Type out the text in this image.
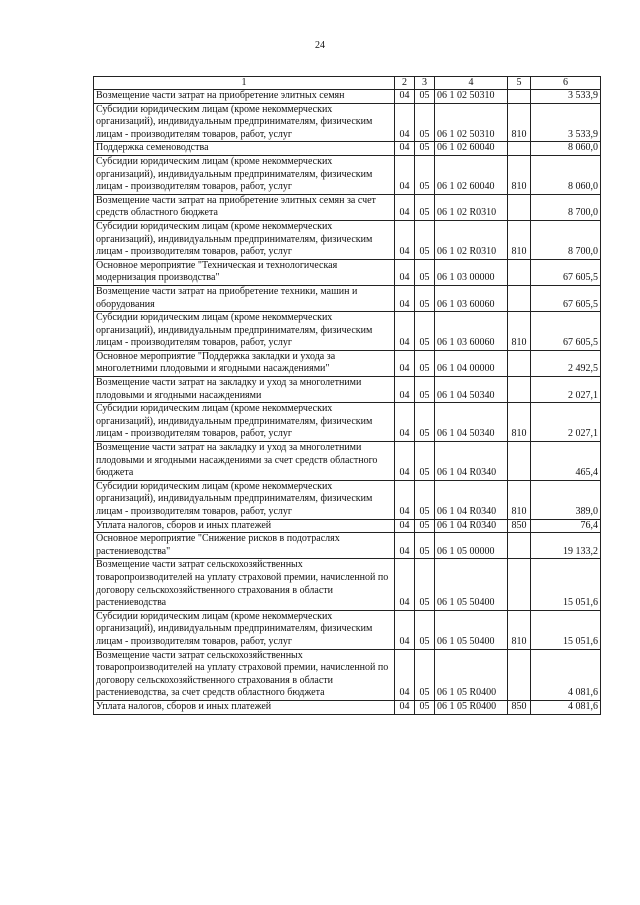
24
1	2	3	4	5	6
Возмещение части затрат на приобретение элитных семян	04	05	06 1 02 50310		3 533,9
Субсидии юридическим лицам (кроме некоммерческих организаций), индивидуальным предпринимателям, физическим лицам - производителям товаров, работ, услуг	04	05	06 1 02 50310	810	3 533,9
Поддержка семеноводства	04	05	06 1 02 60040		8 060,0
Субсидии юридическим лицам (кроме некоммерческих организаций), индивидуальным предпринимателям, физическим лицам - производителям товаров, работ, услуг	04	05	06 1 02 60040	810	8 060,0
Возмещение части затрат на приобретение элитных семян за счет средств областного бюджета	04	05	06 1 02 R0310		8 700,0
Субсидии юридическим лицам (кроме некоммерческих организаций), индивидуальным предпринимателям, физическим лицам - производителям товаров, работ, услуг	04	05	06 1 02 R0310	810	8 700,0
Основное мероприятие "Техническая и технологическая модернизация производства"	04	05	06 1 03 00000		67 605,5
Возмещение части затрат на приобретение техники, машин и оборудования	04	05	06 1 03 60060		67 605,5
Субсидии юридическим лицам (кроме некоммерческих организаций), индивидуальным предпринимателям, физическим лицам - производителям товаров, работ, услуг	04	05	06 1 03 60060	810	67 605,5
Основное мероприятие "Поддержка закладки и ухода за многолетними плодовыми и ягодными насаждениями"	04	05	06 1 04 00000		2 492,5
Возмещение части затрат на закладку и уход за многолетними плодовыми и ягодными насаждениями	04	05	06 1 04 50340		2 027,1
Субсидии юридическим лицам (кроме некоммерческих организаций), индивидуальным предпринимателям, физическим лицам - производителям товаров, работ, услуг	04	05	06 1 04 50340	810	2 027,1
Возмещение части затрат на закладку и уход за многолетними плодовыми и ягодными насаждениями за счет средств областного бюджета	04	05	06 1 04 R0340		465,4
Субсидии юридическим лицам (кроме некоммерческих организаций), индивидуальным предпринимателям, физическим лицам - производителям товаров, работ, услуг	04	05	06 1 04 R0340	810	389,0
Уплата налогов, сборов и иных платежей	04	05	06 1 04 R0340	850	76,4
Основное мероприятие "Снижение рисков в подотраслях растениеводства"	04	05	06 1 05 00000		19 133,2
Возмещение части затрат сельскохозяйственных товаропроизводителей на уплату страховой премии, начисленной по договору сельскохозяйственного страхования в области растениеводства	04	05	06 1 05 50400		15 051,6
Субсидии юридическим лицам (кроме некоммерческих организаций), индивидуальным предпринимателям, физическим лицам - производителям товаров, работ, услуг	04	05	06 1 05 50400	810	15 051,6
Возмещение части затрат сельскохозяйственных товаропроизводителей на уплату страховой премии, начисленной по договору сельскохозяйственного страхования в области растениеводства, за счет средств областного бюджета	04	05	06 1 05 R0400		4 081,6
Уплата налогов, сборов и иных платежей	04	05	06 1 05 R0400	850	4 081,6
